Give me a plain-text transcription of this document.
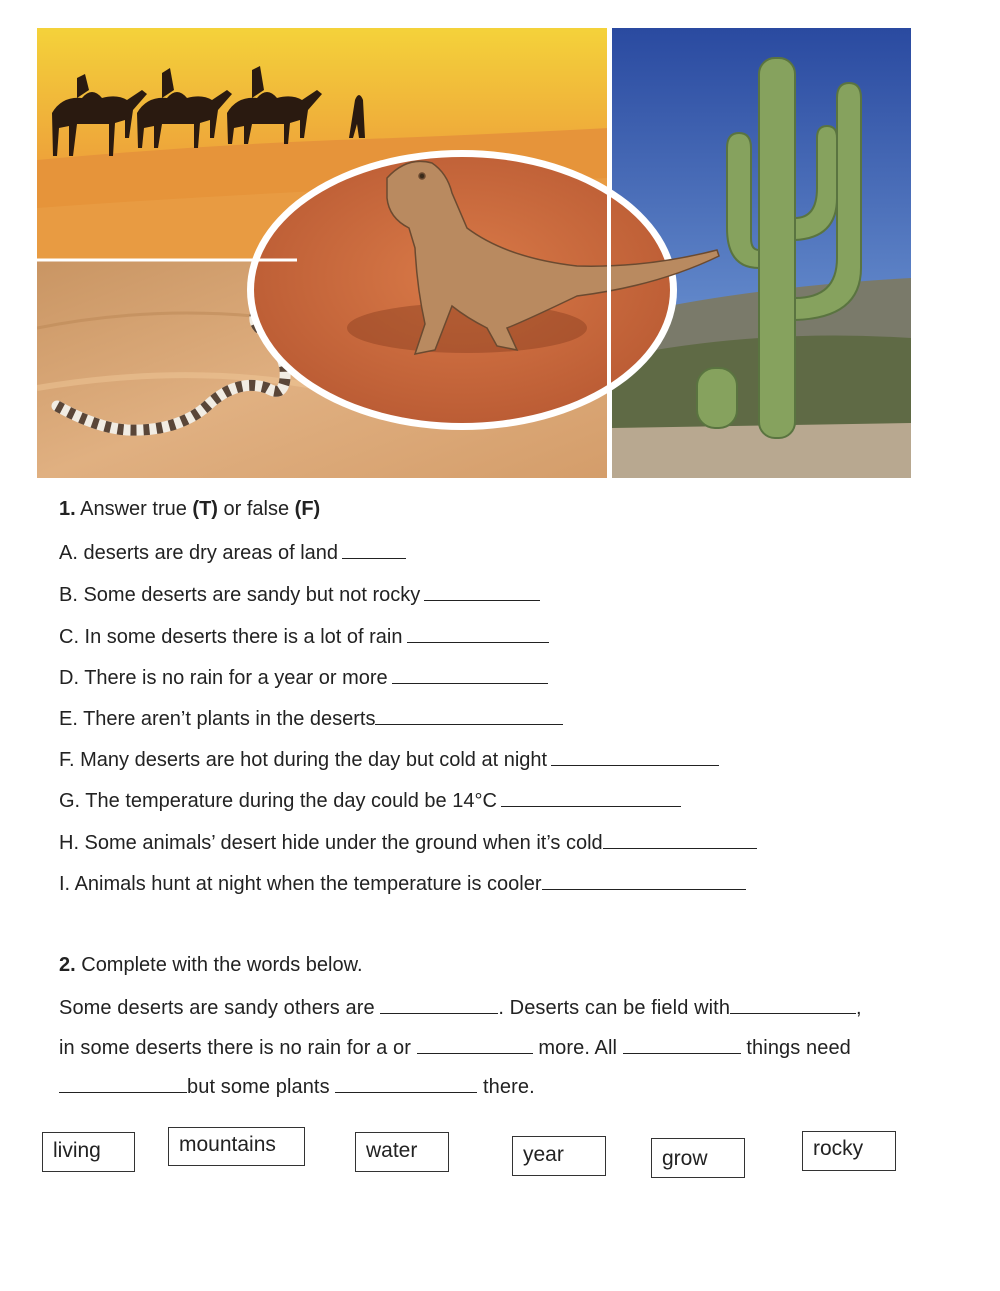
1. Answer true (T) or false (F)
A. deserts are dry areas of land
B. Some deserts are sandy but not rocky
C. In some deserts there is a lot of rain
D. There is no rain for a year or more
E. There aren’t plants in the deserts
F. Many deserts are hot during the day but cold at night
G. The temperature during the day could be 14°C
H. Some animals’ desert hide under the ground when it’s cold
I. Animals hunt at night when the temperature is cooler
2. Complete with the words below.
Some deserts are sandy others are	. Deserts can be field with	,
in some deserts there is no rain for a or	more. All	things need
but some plants	there.
living	mountains	water	year	grow	rocky
